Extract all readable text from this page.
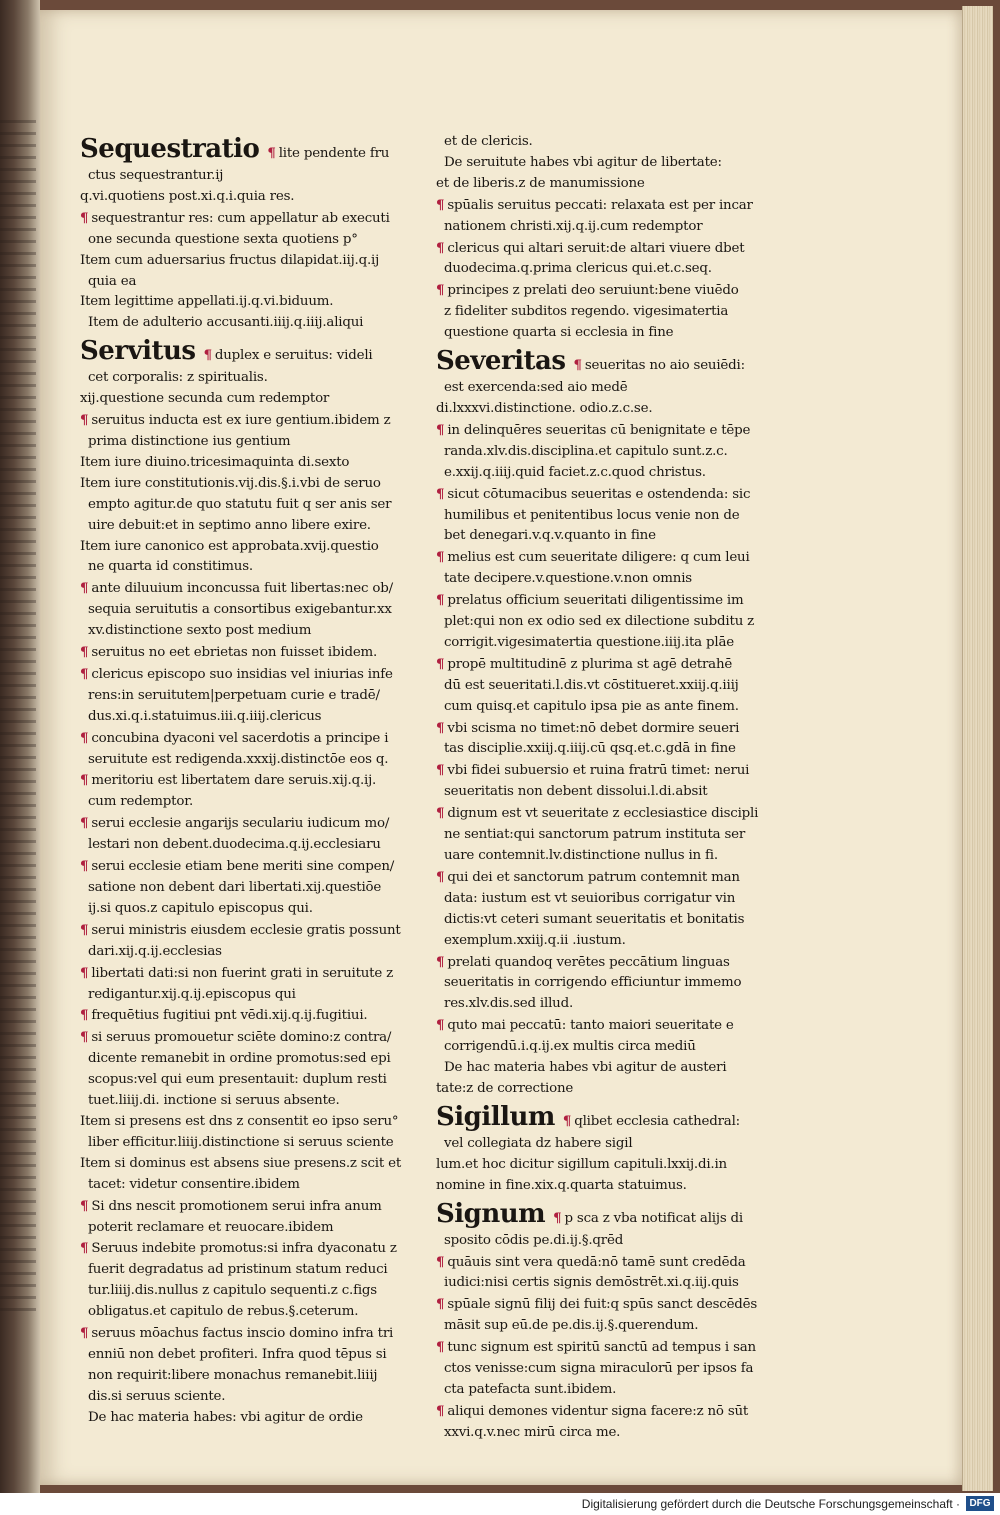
Sequestratio ¶ lite pendente fru
ctus sequestrantur.ij
q.vi.quotiens post.xi.q.i.quia res.
¶ sequestrantur res: cum appellatur ab executi
one secunda questione sexta quotiens p°
Item cum aduersarius fructus dilapidat.iij.q.ij
quia ea
Item legittime appellati.ij.q.vi.biduum.
Item de adulterio accusanti.iiij.q.iiij.aliqui
Servitus ¶ duplex e seruitus: videli
cet corporalis: z spiritualis.
xij.questione secunda cum redemptor
¶ seruitus inducta est ex iure gentium.ibidem z
prima distinctione ius gentium
Item iure diuino.tricesimaquinta di.sexto
Item iure constitutionis.vij.dis.§.i.vbi de seruo
empto agitur.de quo statutu fuit q ser anis ser
uire debuit:et in septimo anno libere exire.
Item iure canonico est approbata.xvij.questio
ne quarta id constitimus.
¶ ante diluuium inconcussa fuit libertas:nec ob/
sequia seruitutis a consortibus exigebantur.xx
xv.distinctione sexto post medium
¶ seruitus no eet ebrietas non fuisset ibidem.
¶ clericus episcopo suo insidias vel iniurias infe
rens:in seruitutem|perpetuam curie e tradē/
dus.xi.q.i.statuimus.iii.q.iiij.clericus
¶ concubina dyaconi vel sacerdotis a principe i
seruitute est redigenda.xxxij.distinctōe eos q.
¶ meritoriu est libertatem dare seruis.xij.q.ij.
cum redemptor.
¶ serui ecclesie angarijs seculariu iudicum mo/
lestari non debent.duodecima.q.ij.ecclesiaru
¶ serui ecclesie etiam bene meriti sine compen/
satione non debent dari libertati.xij.questiōe
ij.si quos.z capitulo episcopus qui.
¶ serui ministris eiusdem ecclesie gratis possunt
dari.xij.q.ij.ecclesias
¶ libertati dati:si non fuerint grati in seruitute z
redigantur.xij.q.ij.episcopus qui
¶ frequētius fugitiui pnt vēdi.xij.q.ij.fugitiui.
¶ si seruus promouetur sciēte domino:z contra/
dicente remanebit in ordine promotus:sed epi
scopus:vel qui eum presentauit: duplum resti
tuet.liiij.di. inctione si seruus absente.
Item si presens est dns z consentit eo ipso seru°
liber efficitur.liiij.distinctione si seruus sciente
Item si dominus est absens siue presens.z scit et
tacet: videtur consentire.ibidem
¶ Si dns nescit promotionem serui infra anum
poterit reclamare et reuocare.ibidem
¶ Seruus indebite promotus:si infra dyaconatu z
fuerit degradatus ad pristinum statum reduci
tur.liiij.dis.nullus z capitulo sequenti.z c.figs
obligatus.et capitulo de rebus.§.ceterum.
¶ seruus mōachus factus inscio domino infra tri
enniū non debet profiteri. Infra quod tēpus si
non requirit:libere monachus remanebit.liiij
dis.si seruus sciente.
De hac materia habes: vbi agitur de ordie
et de clericis.
De seruitute habes vbi agitur de libertate:
et de liberis.z de manumissione
¶ spūalis seruitus peccati: relaxata est per incar
nationem christi.xij.q.ij.cum redemptor
¶ clericus qui altari seruit:de altari viuere dbet
duodecima.q.prima clericus qui.et.c.seq.
¶ principes z prelati deo seruiunt:bene viuēdo
z fideliter subditos regendo. vigesimatertia
questione quarta si ecclesia in fine
Severitas ¶ seueritas no aio seuiēdi:
est exercenda:sed aio medē
di.lxxxvi.distinctione. odio.z.c.se.
¶ in delinquēres seueritas cū benignitate e tēpe
randa.xlv.dis.disciplina.et capitulo sunt.z.c.
e.xxij.q.iiij.quid faciet.z.c.quod christus.
¶ sicut cōtumacibus seueritas e ostendenda: sic
humilibus et penitentibus locus venie non de
bet denegari.v.q.v.quanto in fine
¶ melius est cum seueritate diligere: q cum leui
tate decipere.v.questione.v.non omnis
¶ prelatus officium seueritati diligentissime im
plet:qui non ex odio sed ex dilectione subditu z
corrigit.vigesimatertia questione.iiij.ita plāe
¶ propē multitudinē z plurima st agē detrahē
dū est seueritati.l.dis.vt cōstitueret.xxiij.q.iiij
cum quisq.et capitulo ipsa pie as ante finem.
¶ vbi scisma no timet:nō debet dormire seueri
tas disciplie.xxiij.q.iiij.cū qsq.et.c.gdā in fine
¶ vbi fidei subuersio et ruina fratrū timet: nerui
seueritatis non debent dissolui.l.di.absit
¶ dignum est vt seueritate z ecclesiastice discipli
ne sentiat:qui sanctorum patrum instituta ser
uare contemnit.lv.distinctione nullus in fi.
¶ qui dei et sanctorum patrum contemnit man
data: iustum est vt seuioribus corrigatur vin
dictis:vt ceteri sumant seueritatis et bonitatis
exemplum.xxiij.q.ii .iustum.
¶ prelati quandoq verētes peccātium linguas
seueritatis in corrigendo efficiuntur immemo
res.xlv.dis.sed illud.
¶ quto mai peccatū: tanto maiori seueritate e
corrigendū.i.q.ij.ex multis circa mediū
De hac materia habes vbi agitur de austeri
tate:z de correctione
Sigillum ¶ qlibet ecclesia cathedral:
vel collegiata dz habere sigil
lum.et hoc dicitur sigillum capituli.lxxij.di.in
nomine in fine.xix.q.quarta statuimus.
Signum ¶ p sca z vba notificat alijs di
sposito cōdis pe.di.ij.§.qrēd
¶ quāuis sint vera quedā:nō tamē sunt credēda
iudici:nisi certis signis demōstrēt.xi.q.iij.quis
¶ spūale signū filij dei fuit:q spūs sanct descēdēs
māsit sup eū.de pe.dis.ij.§.querendum.
¶ tunc signum est spiritū sanctū ad tempus i san
ctos venisse:cum signa miraculorū per ipsos fa
cta patefacta sunt.ibidem.
¶ aliqui demones videntur signa facere:z nō sūt
xxvi.q.v.nec mirū circa me.
Digitalisierung gefördert durch die Deutsche Forschungsgemeinschaft · DFG
